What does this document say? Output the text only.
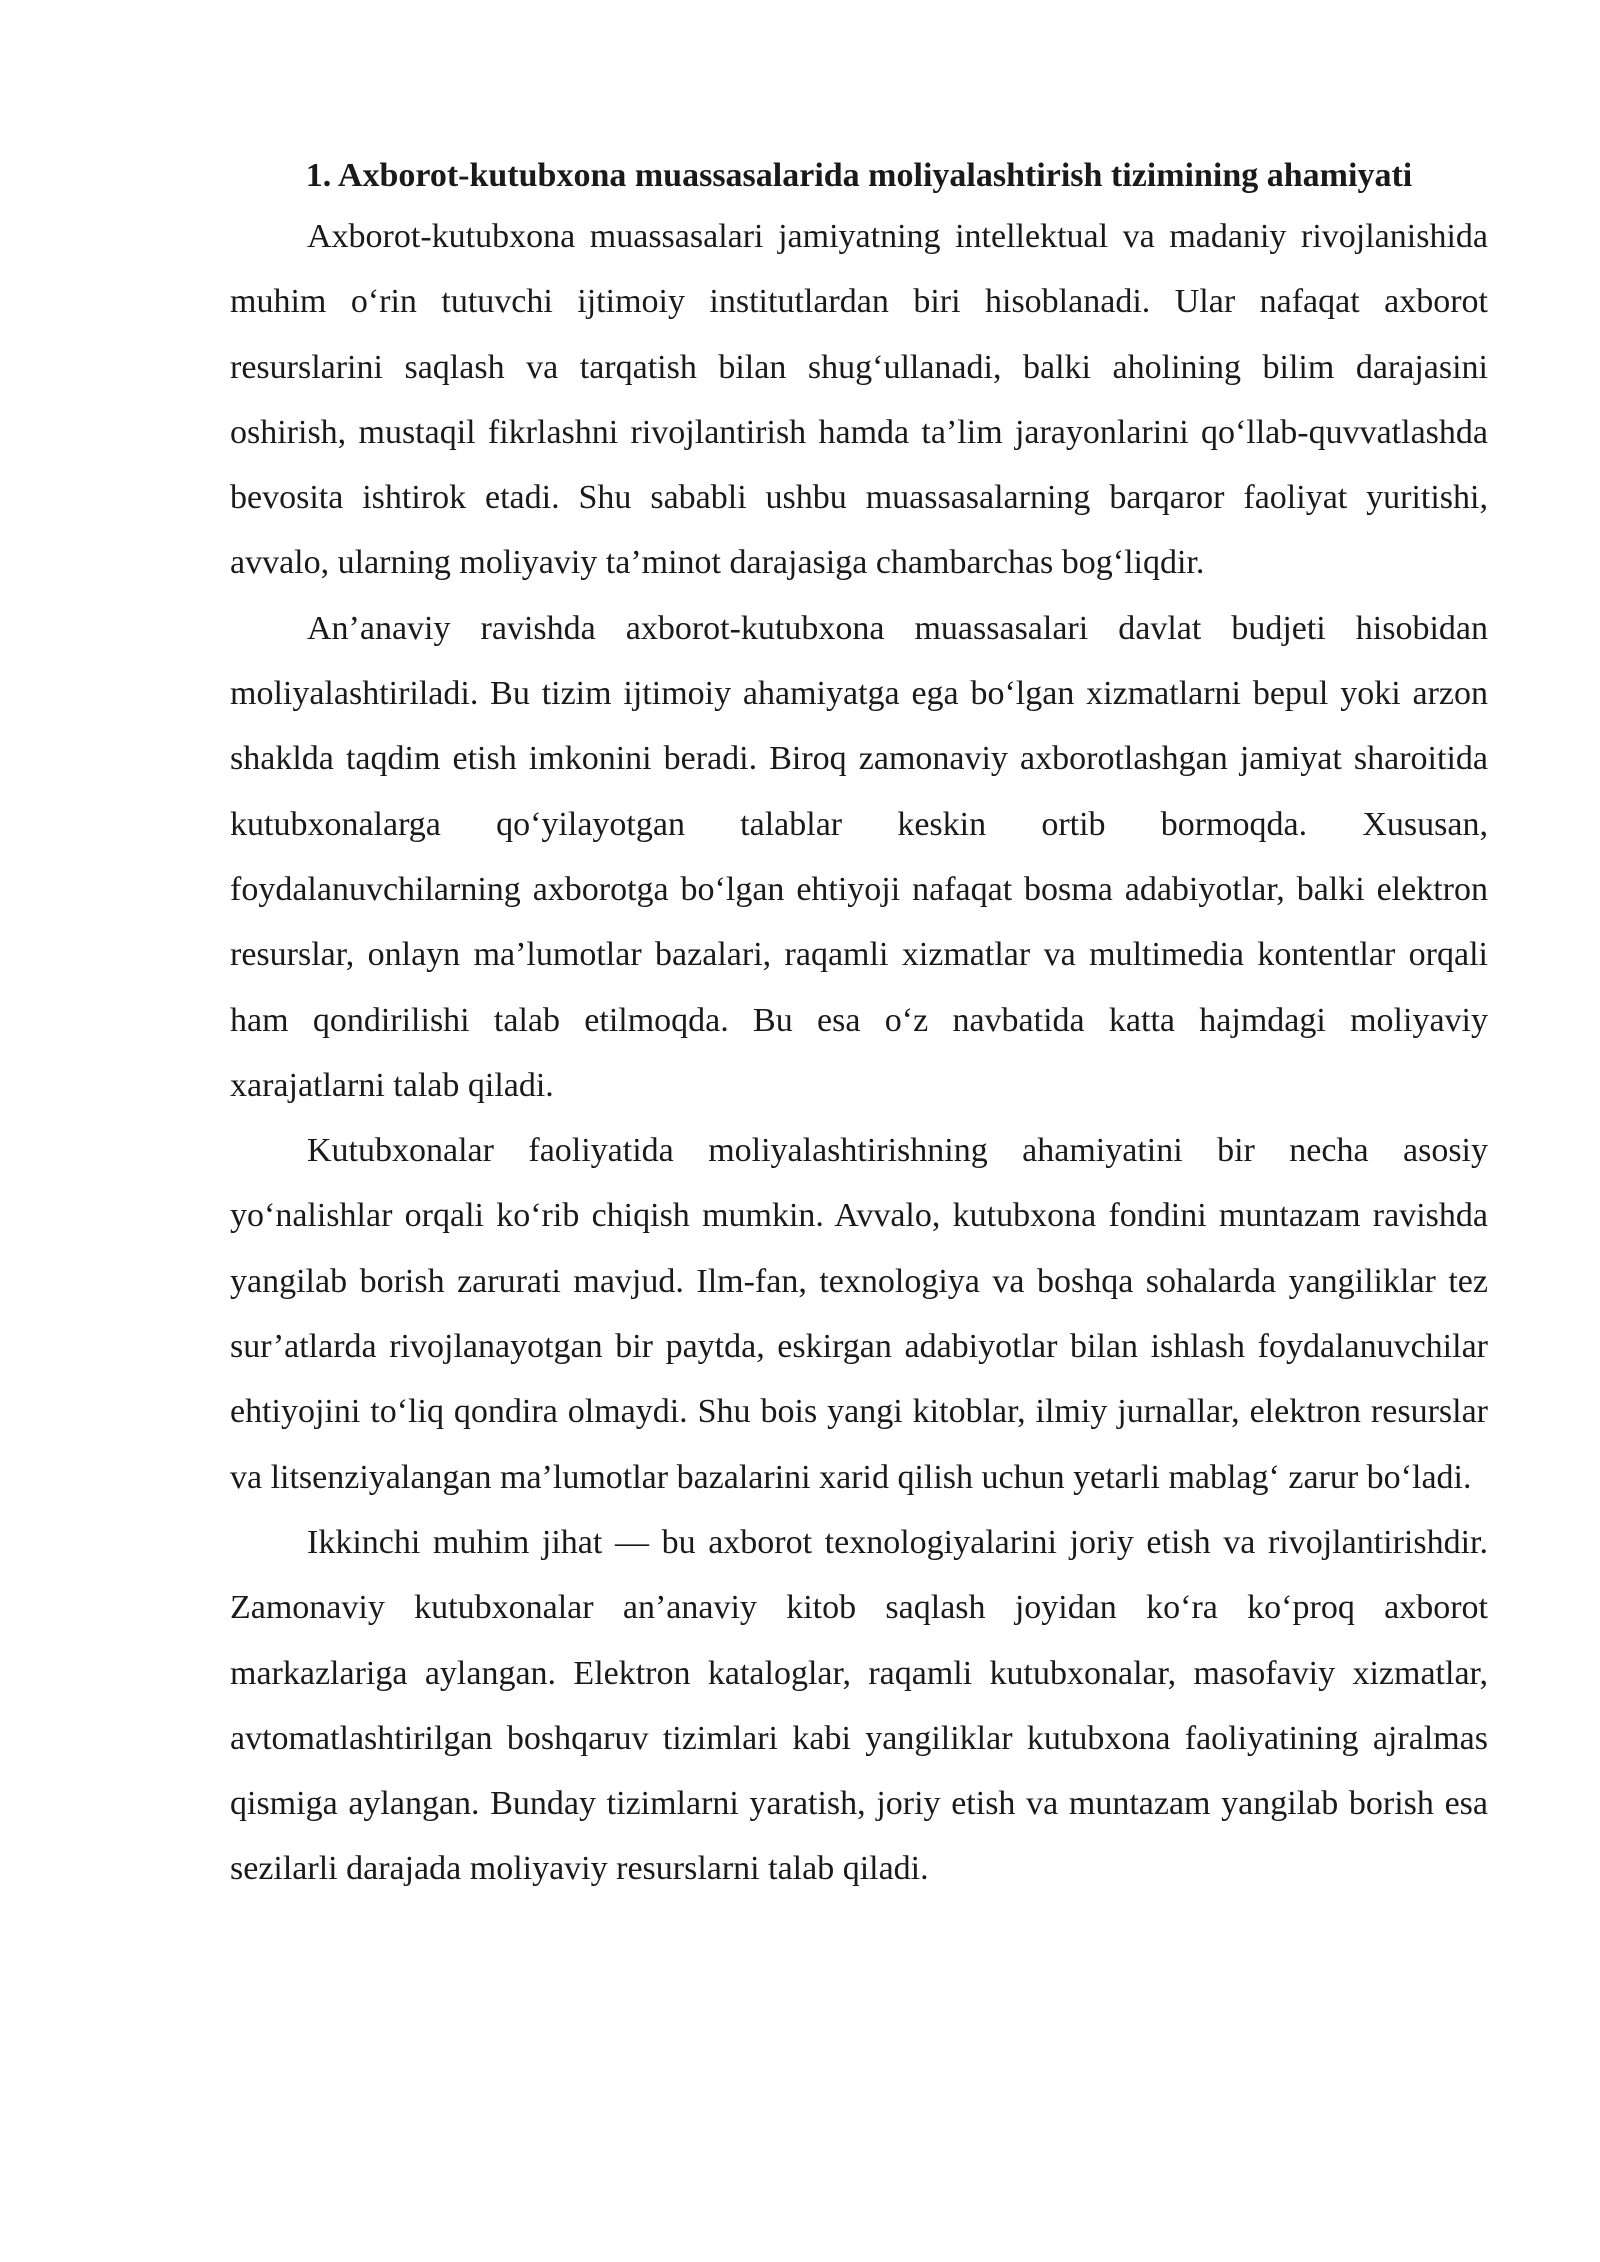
1. Axborot-kutubxona muassasalarida moliyalashtirish tizimining ahamiyati

Axborot-kutubxona muassasalari jamiyatning intellektual va madaniy rivojlanishida muhim o‘rin tutuvchi ijtimoiy institutlardan biri hisoblanadi. Ular nafaqat axborot resurslarini saqlash va tarqatish bilan shug‘ullanadi, balki aholining bilim darajasini oshirish, mustaqil fikrlashni rivojlantirish hamda ta’lim jarayonlarini qo‘llab-quvvatlashda bevosita ishtirok etadi. Shu sababli ushbu muassasalarning barqaror faoliyat yuritishi, avvalo, ularning moliyaviy ta’minot darajasiga chambarchas bog‘liqdir.

An’anaviy ravishda axborot-kutubxona muassasalari davlat budjeti hisobidan moliyalashtiriladi. Bu tizim ijtimoiy ahamiyatga ega bo‘lgan xizmatlarni bepul yoki arzon shaklda taqdim etish imkonini beradi. Biroq zamonaviy axborotlashgan jamiyat sharoitida kutubxonalarga qo‘yilayotgan talablar keskin ortib bormoqda. Xususan, foydalanuvchilarning axborotga bo‘lgan ehtiyoji nafaqat bosma adabiyotlar, balki elektron resurslar, onlayn ma’lumotlar bazalari, raqamli xizmatlar va multimedia kontentlar orqali ham qondirilishi talab etilmoqda. Bu esa o‘z navbatida katta hajmdagi moliyaviy xarajatlarni talab qiladi.

Kutubxonalar faoliyatida moliyalashtirishning ahamiyatini bir necha asosiy yo‘nalishlar orqali ko‘rib chiqish mumkin. Avvalo, kutubxona fondini muntazam ravishda yangilab borish zarurati mavjud. Ilm-fan, texnologiya va boshqa sohalarda yangiliklar tez sur’atlarda rivojlanayotgan bir paytda, eskirgan adabiyotlar bilan ishlash foydalanuvchilar ehtiyojini to‘liq qondira olmaydi. Shu bois yangi kitoblar, ilmiy jurnallar, elektron resurslar va litsenziyalangan ma’lumotlar bazalarini xarid qilish uchun yetarli mablag‘ zarur bo‘ladi.

Ikkinchi muhim jihat — bu axborot texnologiyalarini joriy etish va rivojlantirishdir. Zamonaviy kutubxonalar an’anaviy kitob saqlash joyidan ko‘ra ko‘proq axborot markazlariga aylangan. Elektron kataloglar, raqamli kutubxonalar, masofaviy xizmatlar, avtomatlashtirilgan boshqaruv tizimlari kabi yangiliklar kutubxona faoliyatining ajralmas qismiga aylangan. Bunday tizimlarni yaratish, joriy etish va muntazam yangilab borish esa sezilarli darajada moliyaviy resurslarni talab qiladi.
